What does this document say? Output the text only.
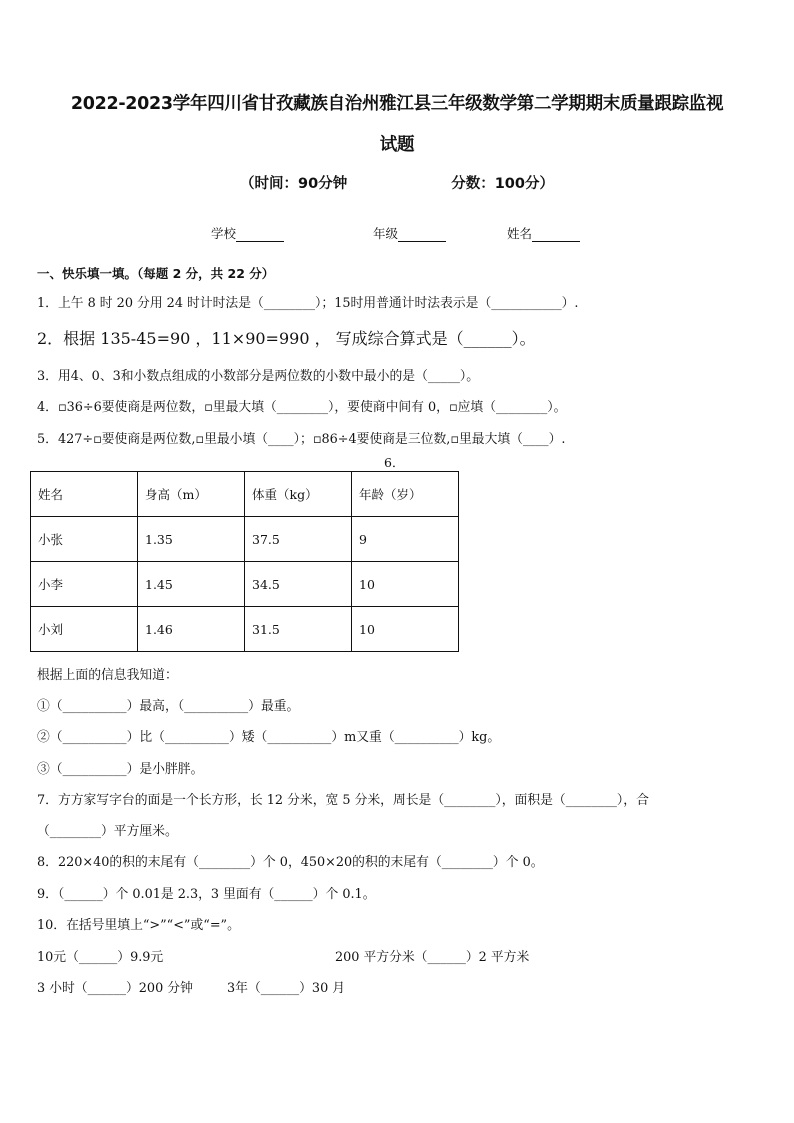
2022-2023学年四川省甘孜藏族自治州雅江县三年级数学第二学期期末质量跟踪监视
试题
（时间：90分钟	分数：100分）
学校	年级	姓名
一、快乐填一填。（每题 2 分，共 22 分）
1．上午 8 时 20 分用 24 时计时法是（________）；15时用普通计时法表示是（___________）.
2．根据 135-45=90 ，11×90=990 ， 写成综合算式是（______）。
3．用4、0、3和小数点组成的小数部分是两位数的小数中最小的是（_____）。
4．▫36÷6要使商是两位数，▫里最大填（________），要使商中间有 0，▫应填（________）。
5．427÷▫要使商是两位数,▫里最小填（____）；▫86÷4要使商是三位数,▫里最大填（____）.
6．
姓名	身高（m）	体重（kg）	年龄（岁）
小张	1.35	37.5	9
小李	1.45	34.5	10
小刘	1.46	31.5	10
根据上面的信息我知道：
①（__________）最高，（__________）最重。
②（__________）比（__________）矮（__________）m又重（__________）kg。
③（__________）是小胖胖。
7．方方家写字台的面是一个长方形，长 12 分米，宽 5 分米，周长是（________），面积是（________），合
（________）平方厘米。
8．220×40的积的末尾有（________）个 0，450×20的积的末尾有（________）个 0。
9．（______）个 0.01是 2.3，3 里面有（______）个 0.1。
10．在括号里填上“>”“<”或“=”。
10元（______）9.9元	200 平方分米（______）2 平方米
3 小时（______）200 分钟	3年（______）30 月
